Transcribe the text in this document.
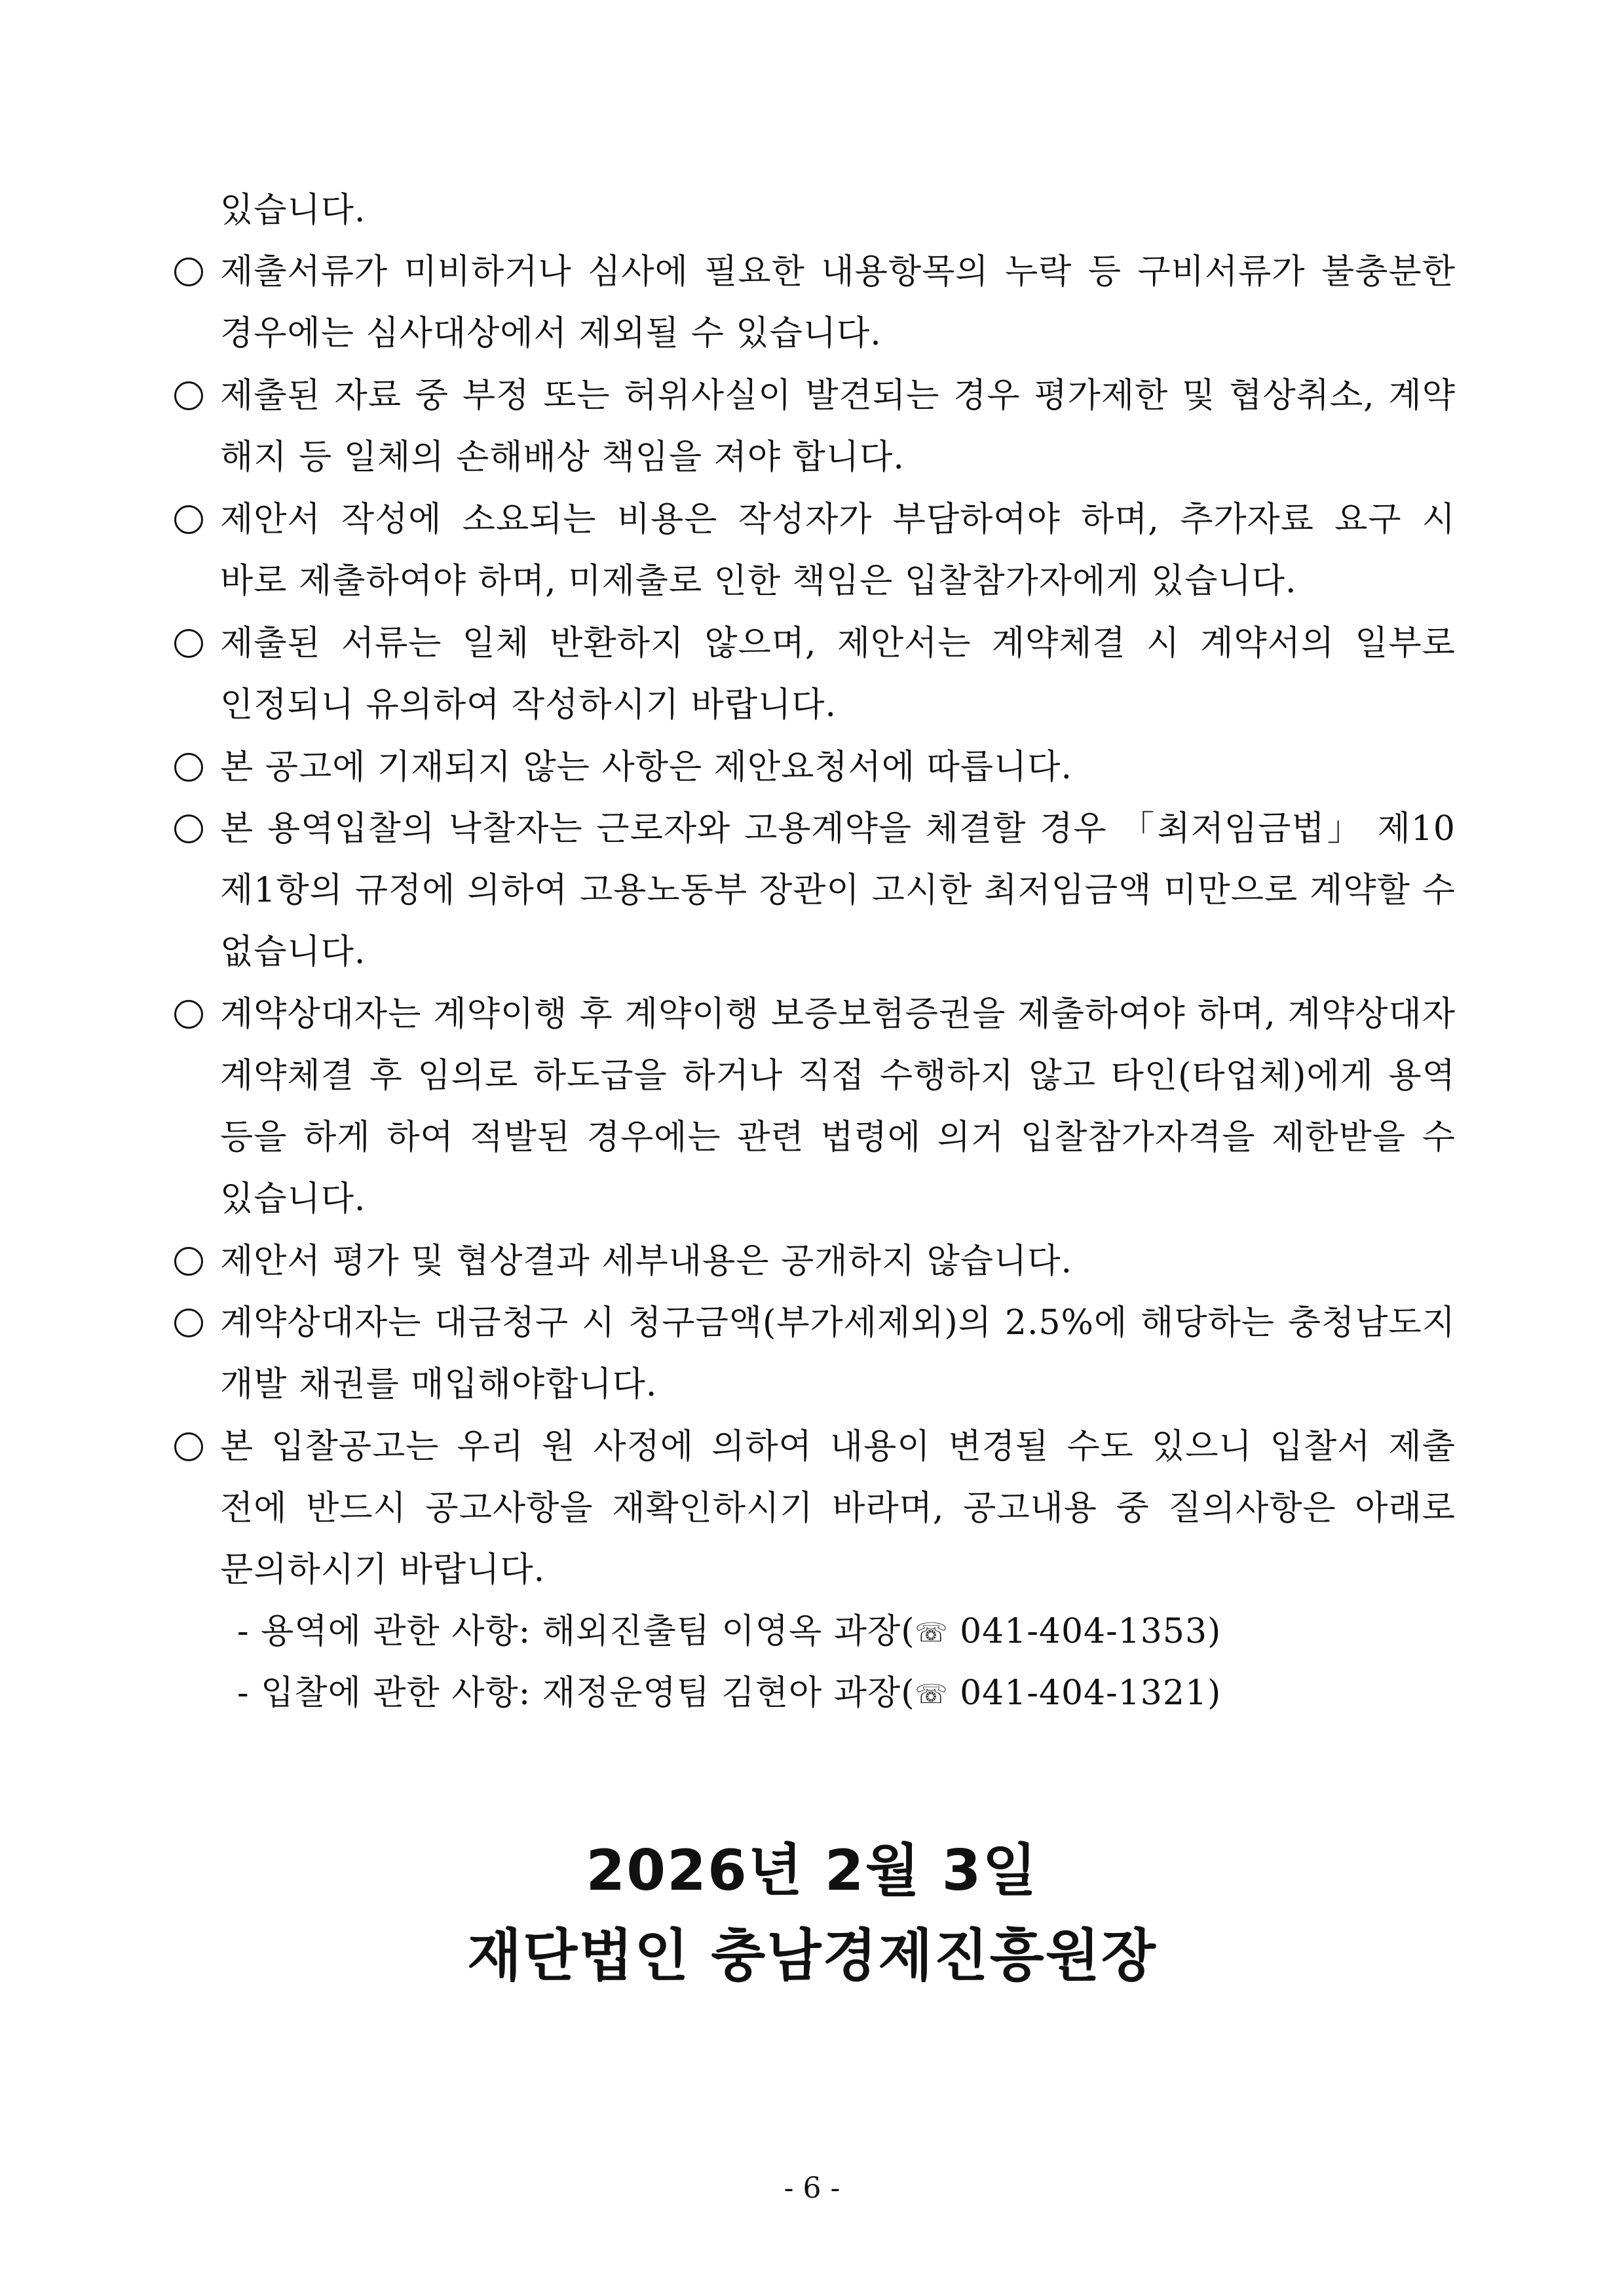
있습니다.
제출서류가 미비하거나 심사에 필요한 내용항목의 누락 등 구비서류가 불충분한
경우에는 심사대상에서 제외될 수 있습니다.
제출된 자료 중 부정 또는 허위사실이 발견되는 경우 평가제한 및 협상취소, 계약
해지 등 일체의 손해배상 책임을 져야 합니다.
제안서 작성에 소요되는 비용은 작성자가 부담하여야 하며, 추가자료 요구 시
바로 제출하여야 하며, 미제출로 인한 책임은 입찰참가자에게 있습니다.
제출된 서류는 일체 반환하지 않으며, 제안서는 계약체결 시 계약서의 일부로
인정되니 유의하여 작성하시기 바랍니다.
본 공고에 기재되지 않는 사항은 제안요청서에 따릅니다.
본 용역입찰의 낙찰자는 근로자와 고용계약을 체결할 경우 「최저임금법」 제10
제1항의 규정에 의하여 고용노동부 장관이 고시한 최저임금액 미만으로 계약할 수
없습니다.
계약상대자는 계약이행 후 계약이행 보증보험증권을 제출하여야 하며, 계약상대자
계약체결 후 임의로 하도급을 하거나 직접 수행하지 않고 타인(타업체)에게 용역
등을 하게 하여 적발된 경우에는 관련 법령에 의거 입찰참가자격을 제한받을 수
있습니다.
제안서 평가 및 협상결과 세부내용은 공개하지 않습니다.
계약상대자는 대금청구 시 청구금액(부가세제외)의 2.5%에 해당하는 충청남도지
개발 채권를 매입해야합니다.
본 입찰공고는 우리 원 사정에 의하여 내용이 변경될 수도 있으니 입찰서 제출
전에 반드시 공고사항을 재확인하시기 바라며, 공고내용 중 질의사항은 아래로
문의하시기 바랍니다.
- 용역에 관한 사항: 해외진출팀 이영옥 과장(☏ 041-404-1353)
- 입찰에 관한 사항: 재정운영팀 김현아 과장(☏ 041-404-1321)
2026년 2월 3일
재단법인 충남경제진흥원장
- 6 -
